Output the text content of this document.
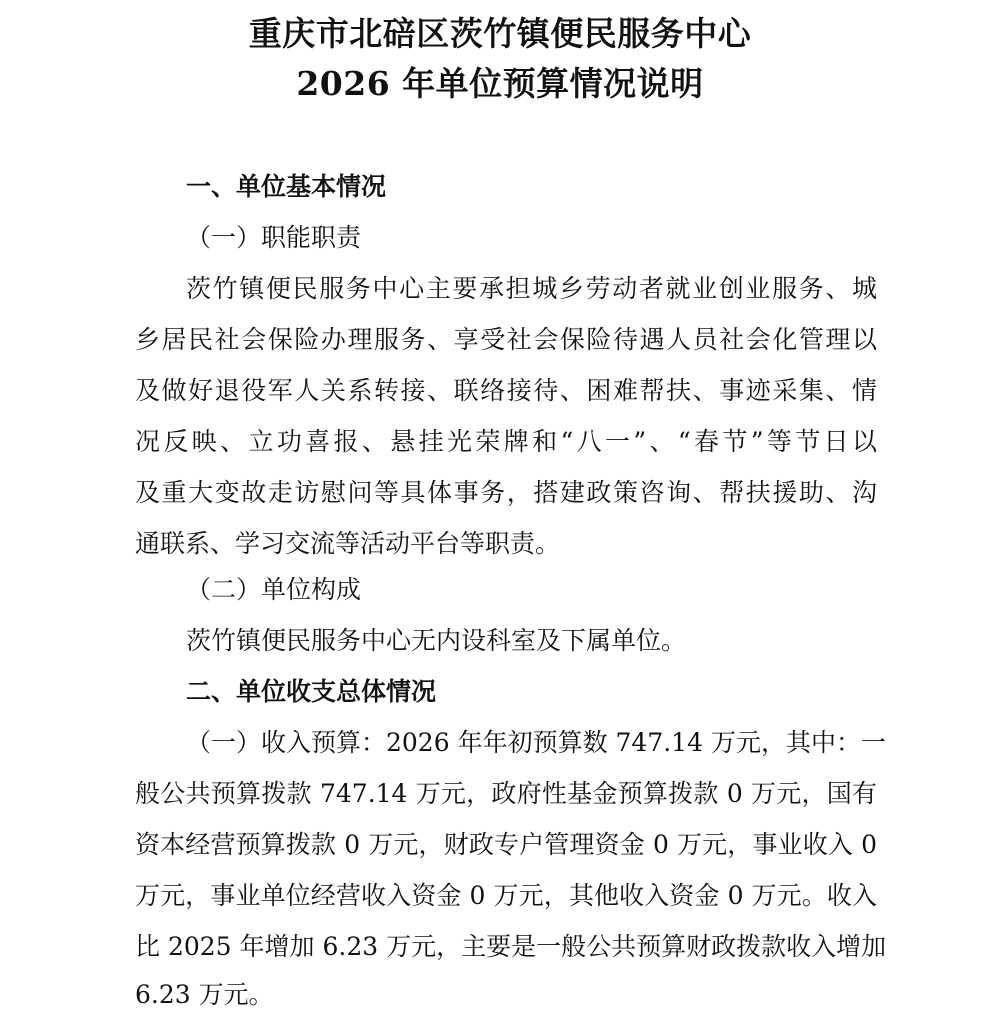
重庆市北碚区茨竹镇便民服务中心
2026 年单位预算情况说明
一、单位基本情况
（一）职能职责
茨竹镇便民服务中心主要承担城乡劳动者就业创业服务、城
乡居民社会保险办理服务、享受社会保险待遇人员社会化管理以
及做好退役军人关系转接、联络接待、困难帮扶、事迹采集、情
况反映、立功喜报、悬挂光荣牌和“八一”、“春节”等节日以
及重大变故走访慰问等具体事务，搭建政策咨询、帮扶援助、沟
通联系、学习交流等活动平台等职责。
（二）单位构成
茨竹镇便民服务中心无内设科室及下属单位。
二、单位收支总体情况
（一）收入预算：2026 年年初预算数 747.14 万元，其中：一
般公共预算拨款 747.14 万元，政府性基金预算拨款 0 万元，国有
资本经营预算拨款 0 万元，财政专户管理资金 0 万元，事业收入 0
万元，事业单位经营收入资金 0 万元，其他收入资金 0 万元。收入
比 2025 年增加 6.23 万元，主要是一般公共预算财政拨款收入增加
6.23 万元。
